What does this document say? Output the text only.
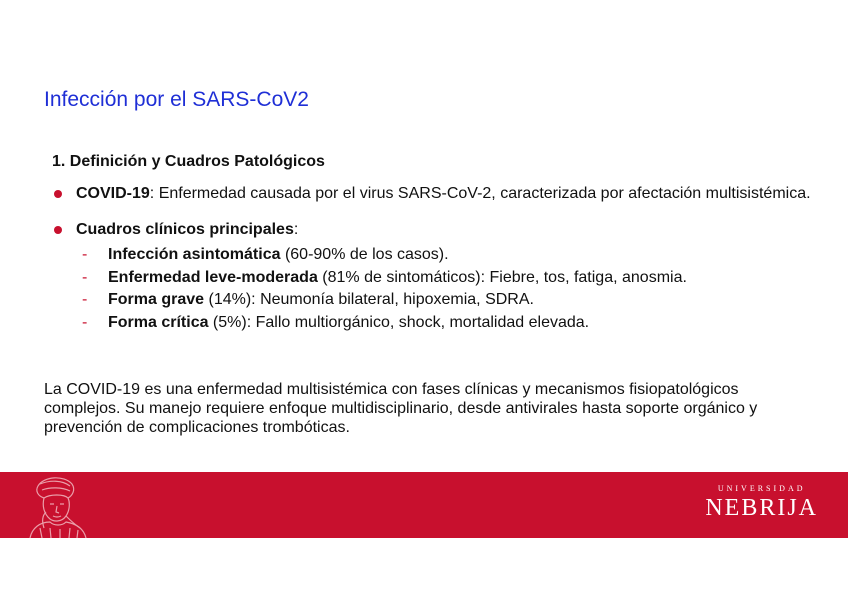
Infección por el SARS-CoV2
1. Definición y Cuadros Patológicos
COVID-19: Enfermedad causada por el virus SARS-CoV-2, caracterizada por afectación multisistémica.
Cuadros clínicos principales:
- Infección asintomática (60-90% de los casos).
- Enfermedad leve-moderada (81% de sintomáticos): Fiebre, tos, fatiga, anosmia.
- Forma grave (14%): Neumonía bilateral, hipoxemia, SDRA.
- Forma crítica (5%): Fallo multiorgánico, shock, mortalidad elevada.
La COVID-19 es una enfermedad multisistémica con fases clínicas y mecanismos fisiopatológicos complejos. Su manejo requiere enfoque multidisciplinario, desde antivirales hasta soporte orgánico y prevención de complicaciones trombóticas.
UNIVERSIDAD
NEBRIJA
